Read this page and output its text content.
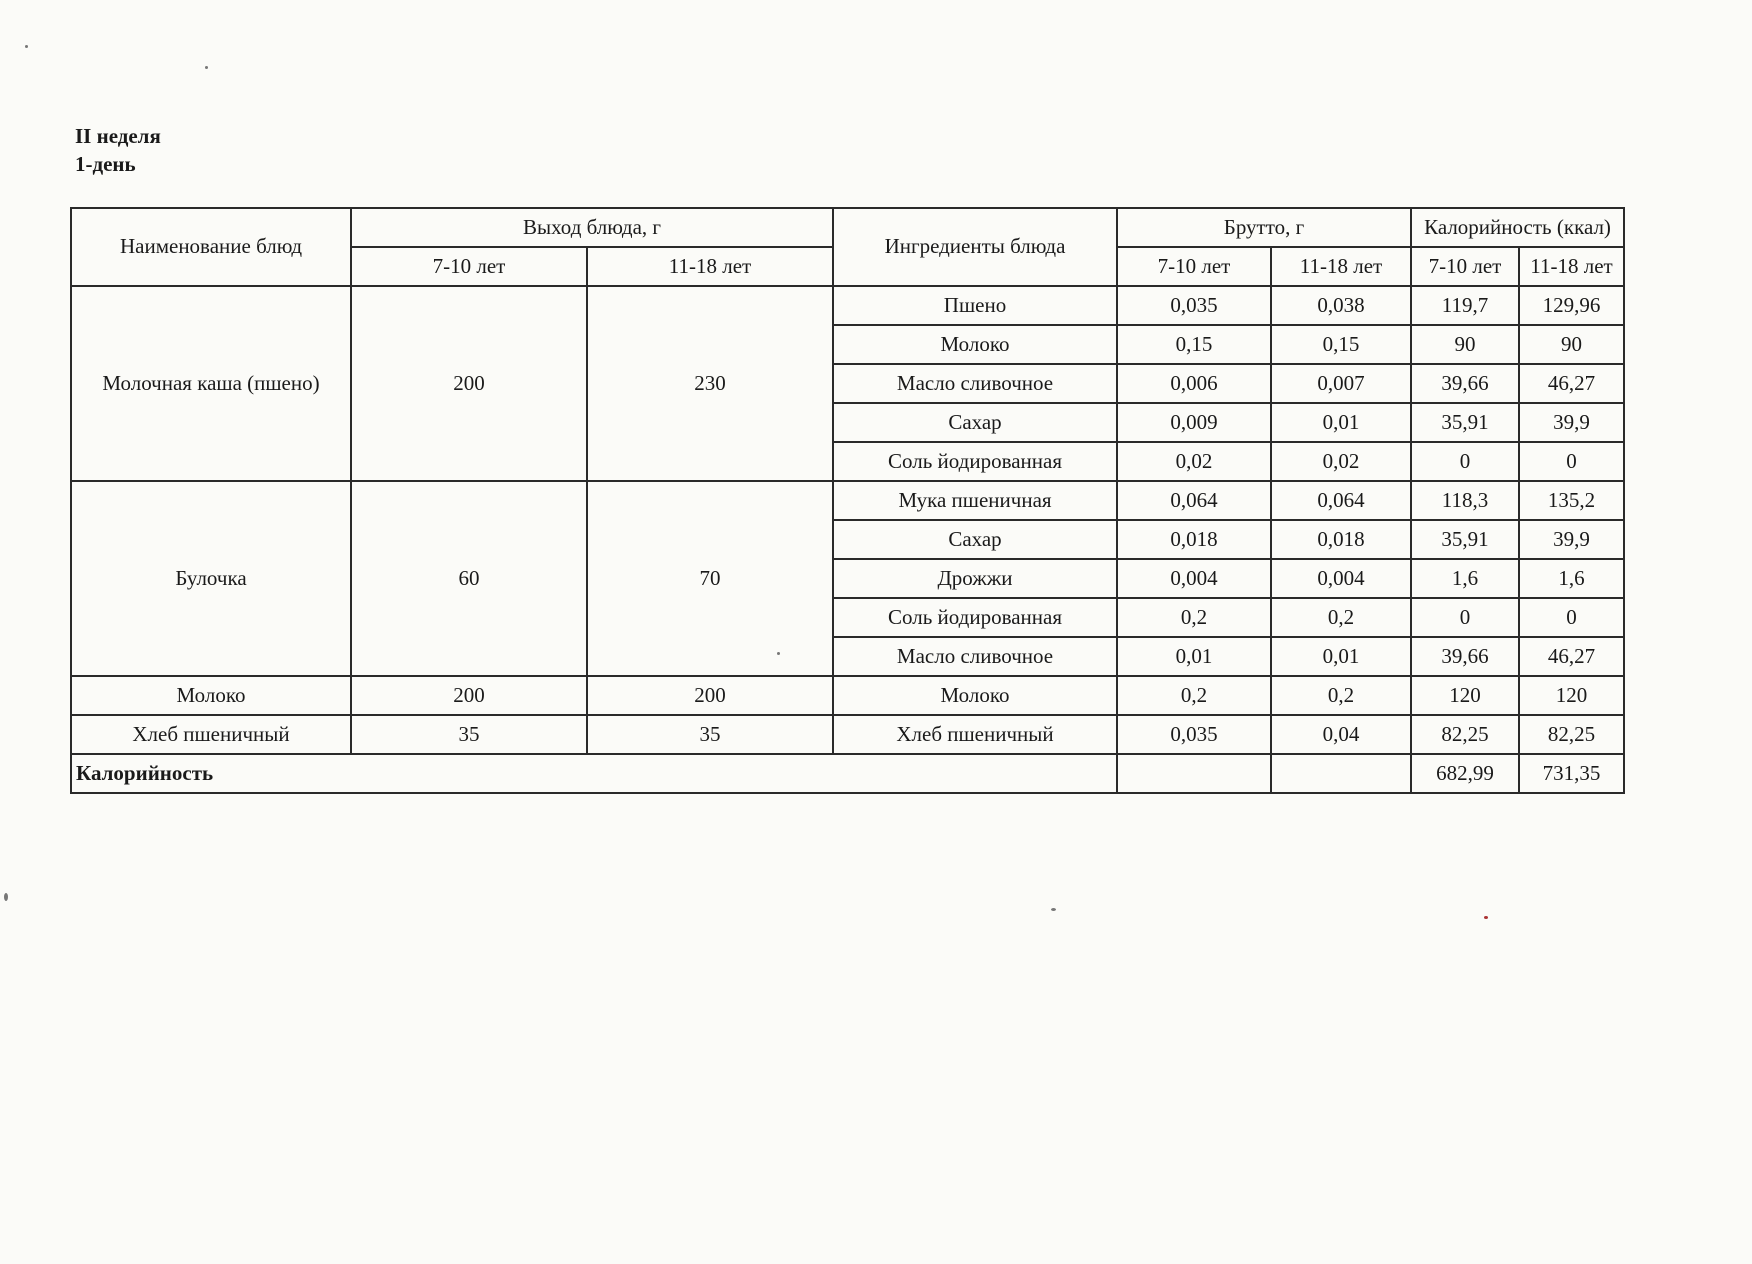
II неделя
1-день
Наименование блюд	Выход блюда, г		Ингредиенты блюда	Брутто, г		Калорийность (ккал)	
	7-10 лет	11-18 лет		7-10 лет	11-18 лет	7-10 лет	11-18 лет
Молочная каша (пшено)	200	230	Пшено	0,035	0,038	119,7	129,96
			Молоко	0,15	0,15	90	90
			Масло сливочное	0,006	0,007	39,66	46,27
			Сахар	0,009	0,01	35,91	39,9
			Соль йодированная	0,02	0,02	0	0
Булочка	60	70	Мука пшеничная	0,064	0,064	118,3	135,2
			Сахар	0,018	0,018	35,91	39,9
			Дрожжи	0,004	0,004	1,6	1,6
			Соль йодированная	0,2	0,2	0	0
			Масло сливочное	0,01	0,01	39,66	46,27
Молоко	200	200	Молоко	0,2	0,2	120	120
Хлеб пшеничный	35	35	Хлеб пшеничный	0,035	0,04	82,25	82,25
Калорийность						682,99	731,35
